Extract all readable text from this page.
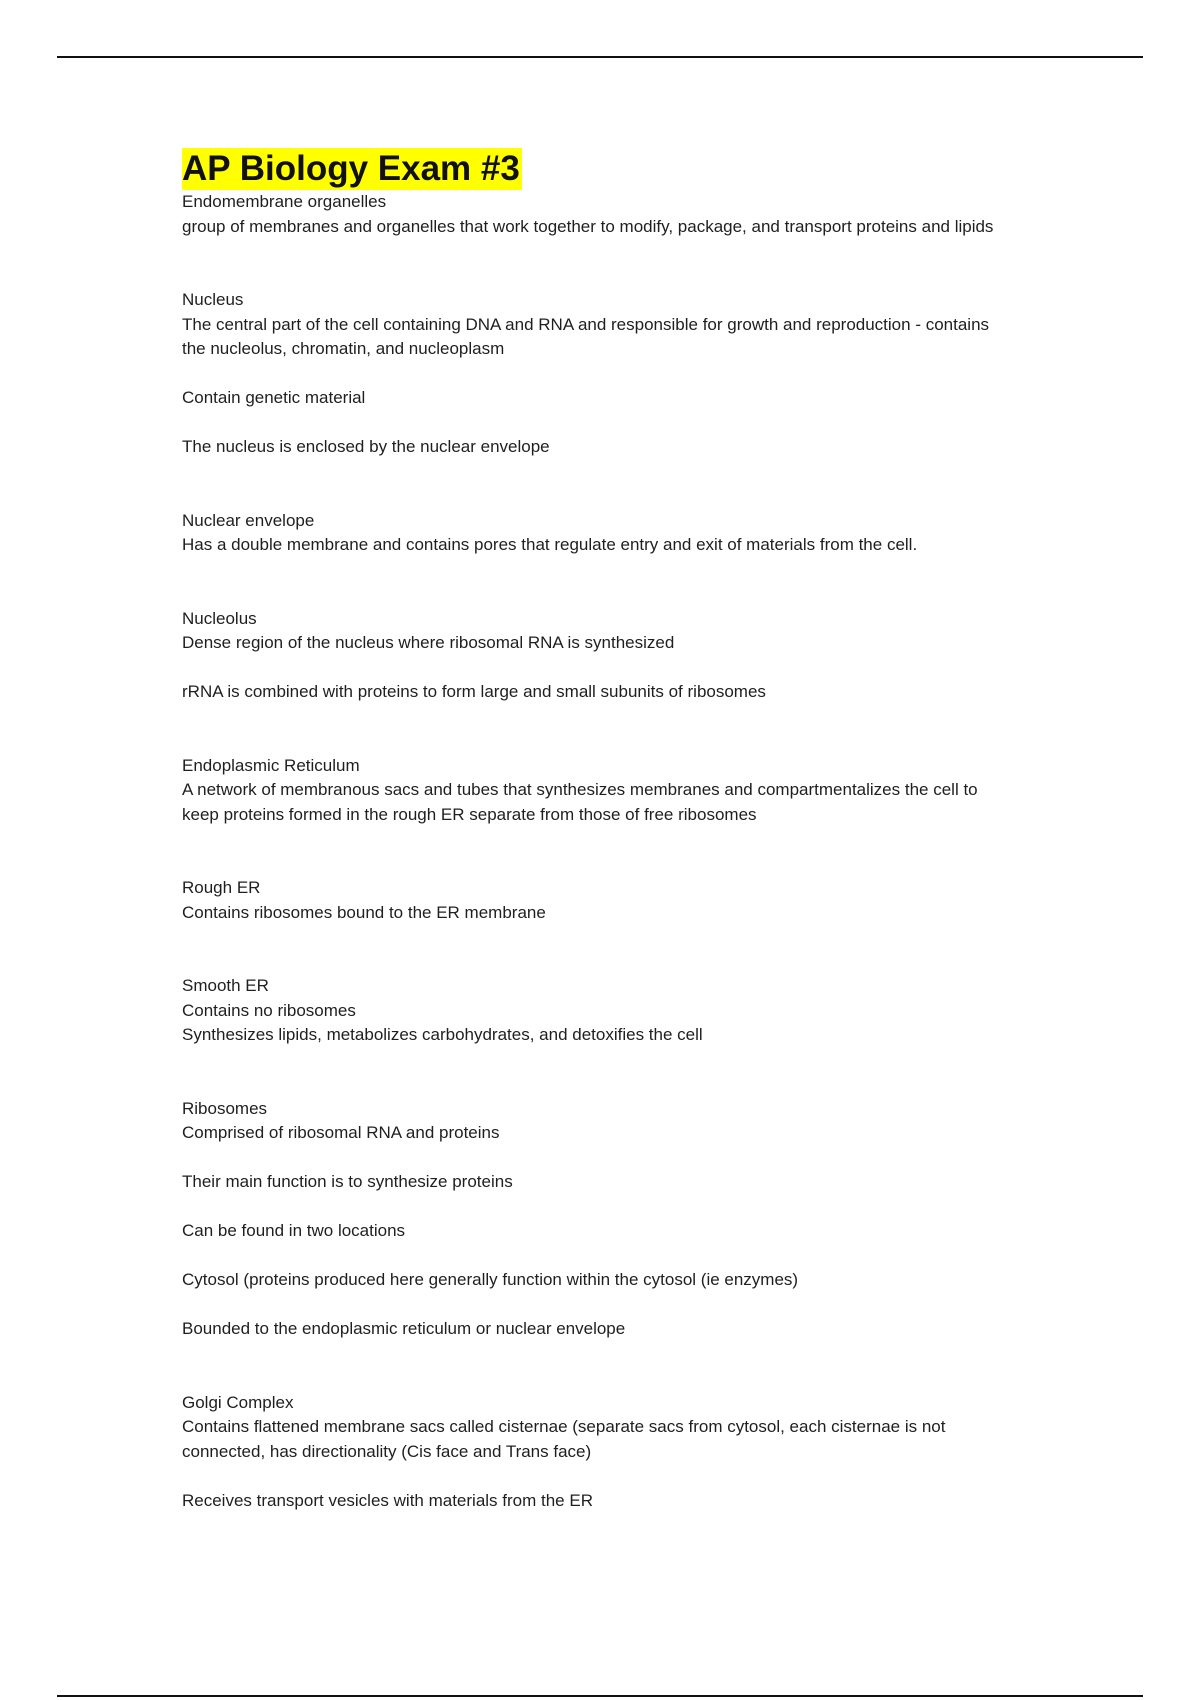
AP Biology Exam #3

Endomembrane organelles

group of membranes and organelles that work together to modify, package, and transport proteins and lipids

Nucleus

The central part of the cell containing DNA and RNA and responsible for growth and reproduction - contains the nucleolus, chromatin, and nucleoplasm

Contain genetic material

The nucleus is enclosed by the nuclear envelope

Nuclear envelope

Has a double membrane and contains pores that regulate entry and exit of materials from the cell.

Nucleolus

Dense region of the nucleus where ribosomal RNA is synthesized

rRNA is combined with proteins to form large and small subunits of ribosomes

Endoplasmic Reticulum

A network of membranous sacs and tubes that synthesizes membranes and compartmentalizes the cell to keep proteins formed in the rough ER separate from those of free ribosomes

Rough ER

Contains ribosomes bound to the ER membrane

Smooth ER

Contains no ribosomes

Synthesizes lipids, metabolizes carbohydrates, and detoxifies the cell

Ribosomes

Comprised of ribosomal RNA and proteins

Their main function is to synthesize proteins

Can be found in two locations

Cytosol (proteins produced here generally function within the cytosol (ie enzymes)

Bounded to the endoplasmic reticulum or nuclear envelope

Golgi Complex

Contains flattened membrane sacs called cisternae (separate sacs from cytosol, each cisternae is not connected, has directionality (Cis face and Trans face)

Receives transport vesicles with materials from the ER
